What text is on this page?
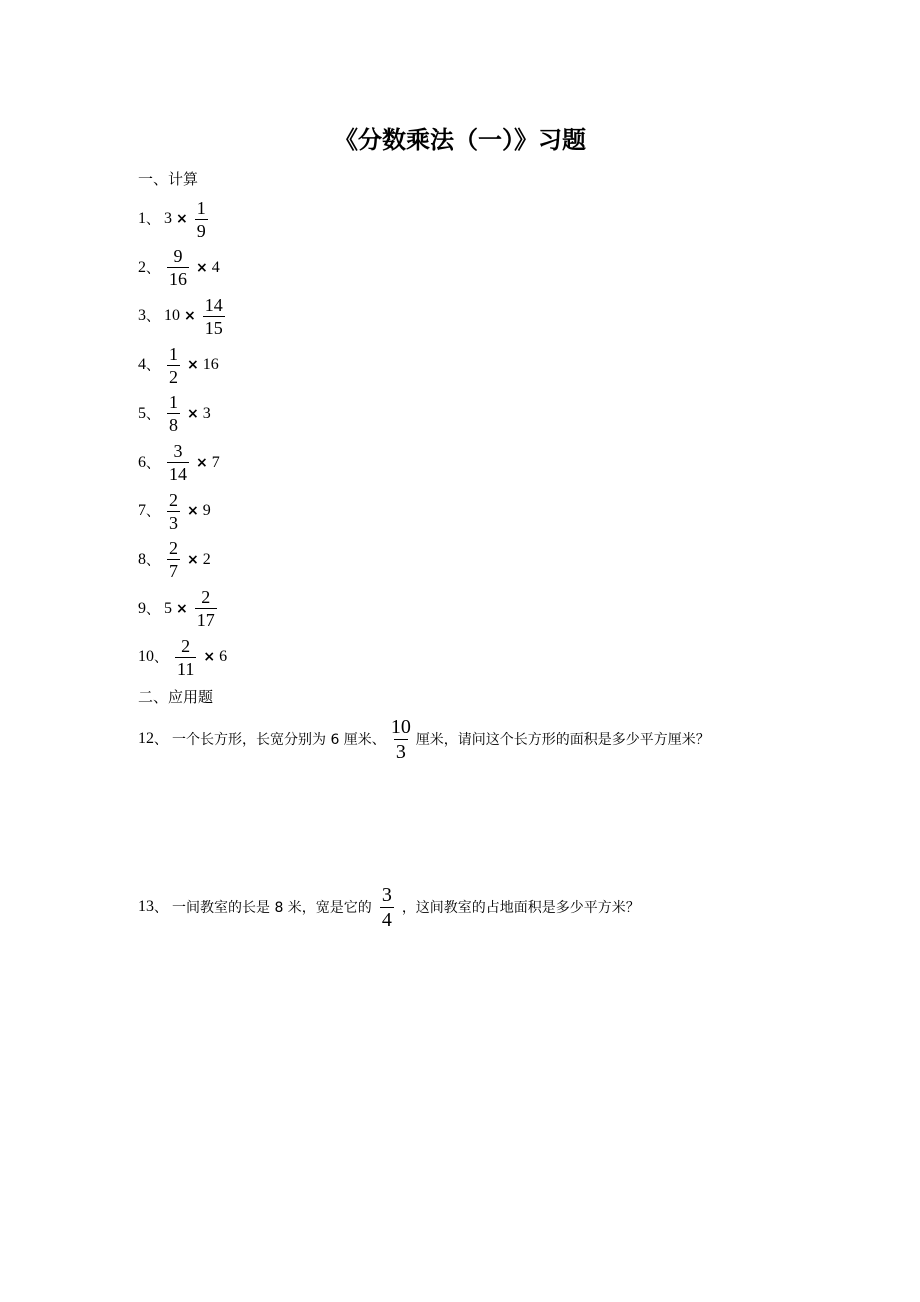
《分数乘法（一）》习题
一、计算
1 、 $3 \times \frac{1}{9}$
2 、 $\frac{9}{16} \times 4$
3 、 $10 \times \frac{14}{15}$
4 、 $\frac{1}{2} \times 16$
5 、 $\frac{1}{8} \times 3$
6 、 $\frac{3}{14} \times 7$
7 、 $\frac{2}{3} \times 9$
8 、 $\frac{2}{7} \times 2$
9 、 $5 \times \frac{2}{17}$
10 、 $\frac{2}{11} \times 6$
二、应用题
12 、 一个长方形，长宽分别为 6 厘米、 $\frac{10}{3}$ 厘米，请问这个长方形的面积是多少平方厘米？
13 、 一间教室的长是 8 米，宽是它的 $\frac{3}{4}$ ，这间教室的占地面积是多少平方米？
